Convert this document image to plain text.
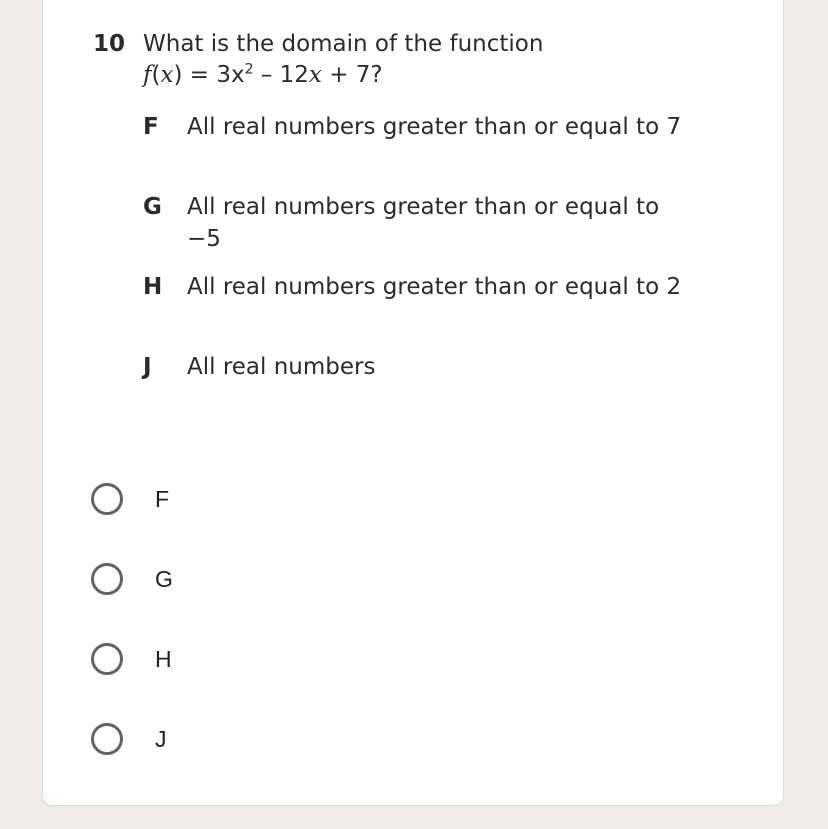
10 What is the domain of the function
$f(x) = 3x^2 - 12x + 7$?
F	All real numbers greater than or equal to 7
G	All real numbers greater than or equal to −5
H	All real numbers greater than or equal to 2
J	All real numbers
F
G
H
J
